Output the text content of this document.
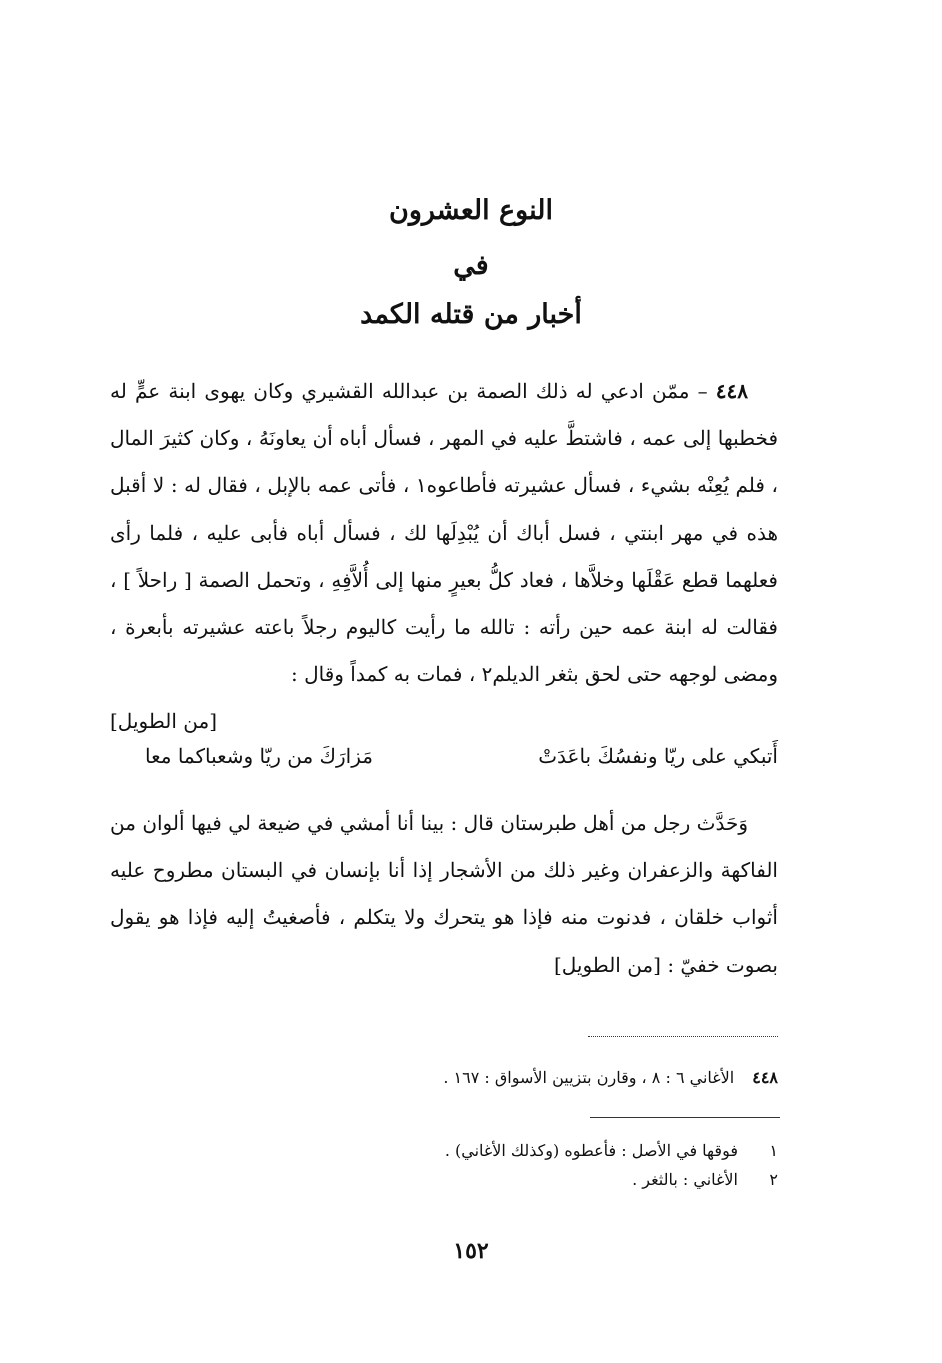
النوع العشرون
في
أخبار من قتله الكمد
٤٤٨ – ممّن ادعي له ذلك الصمة بن عبدالله القشيري وكان يهوى ابنة عمٍّ له فخطبها إلى عمه ، فاشتطَّ عليه في المهر ، فسأل أباه أن يعاونَهُ ، وكان كثيرَ المال ، فلم يُعِنْه بشيء ، فسأل عشيرته فأطاعوه١ ، فأتى عمه بالإبل ، فقال له : لا أقبل هذه في مهر ابنتي ، فسل أباك أن يُبْدِلَها لك ، فسأل أباه فأبى عليه ، فلما رأى فعلهما قطع عَقْلَها وخلاَّها ، فعاد كلُّ بعيرٍ منها إلى أُلاَّفِهِ ، وتحمل الصمة [ راحلاً ] ، فقالت له ابنة عمه حين رأته : تالله ما رأيت كاليوم رجلاً باعته عشيرته بأبعرة ، ومضى لوجهه حتى لحق بثغر الديلم٢ ، فمات به كمداً وقال :
[من الطويل]
أَتبكي على ريّا ونفسُكَ باعَدَتْ
مَزارَكَ من ريّا وشعباكما معا
وَحَدَّث رجل من أهل طبرستان قال : بينا أنا أمشي في ضيعة لي فيها ألوان من الفاكهة والزعفران وغير ذلك من الأشجار إذا أنا بإنسان في البستان مطروح عليه أثواب خلقان ، فدنوت منه فإذا هو يتحرك ولا يتكلم ، فأصغيتُ إليه فإذا هو يقول بصوت خفيّ : [من الطويل]
٤٤٨الأغاني ٦ : ٨ ، وقارن بتزيين الأسواق : ١٦٧ .
١فوقها في الأصل : فأعطوه (وكذلك الأغاني) .
٢الأغاني : بالثغر .
١٥٢
